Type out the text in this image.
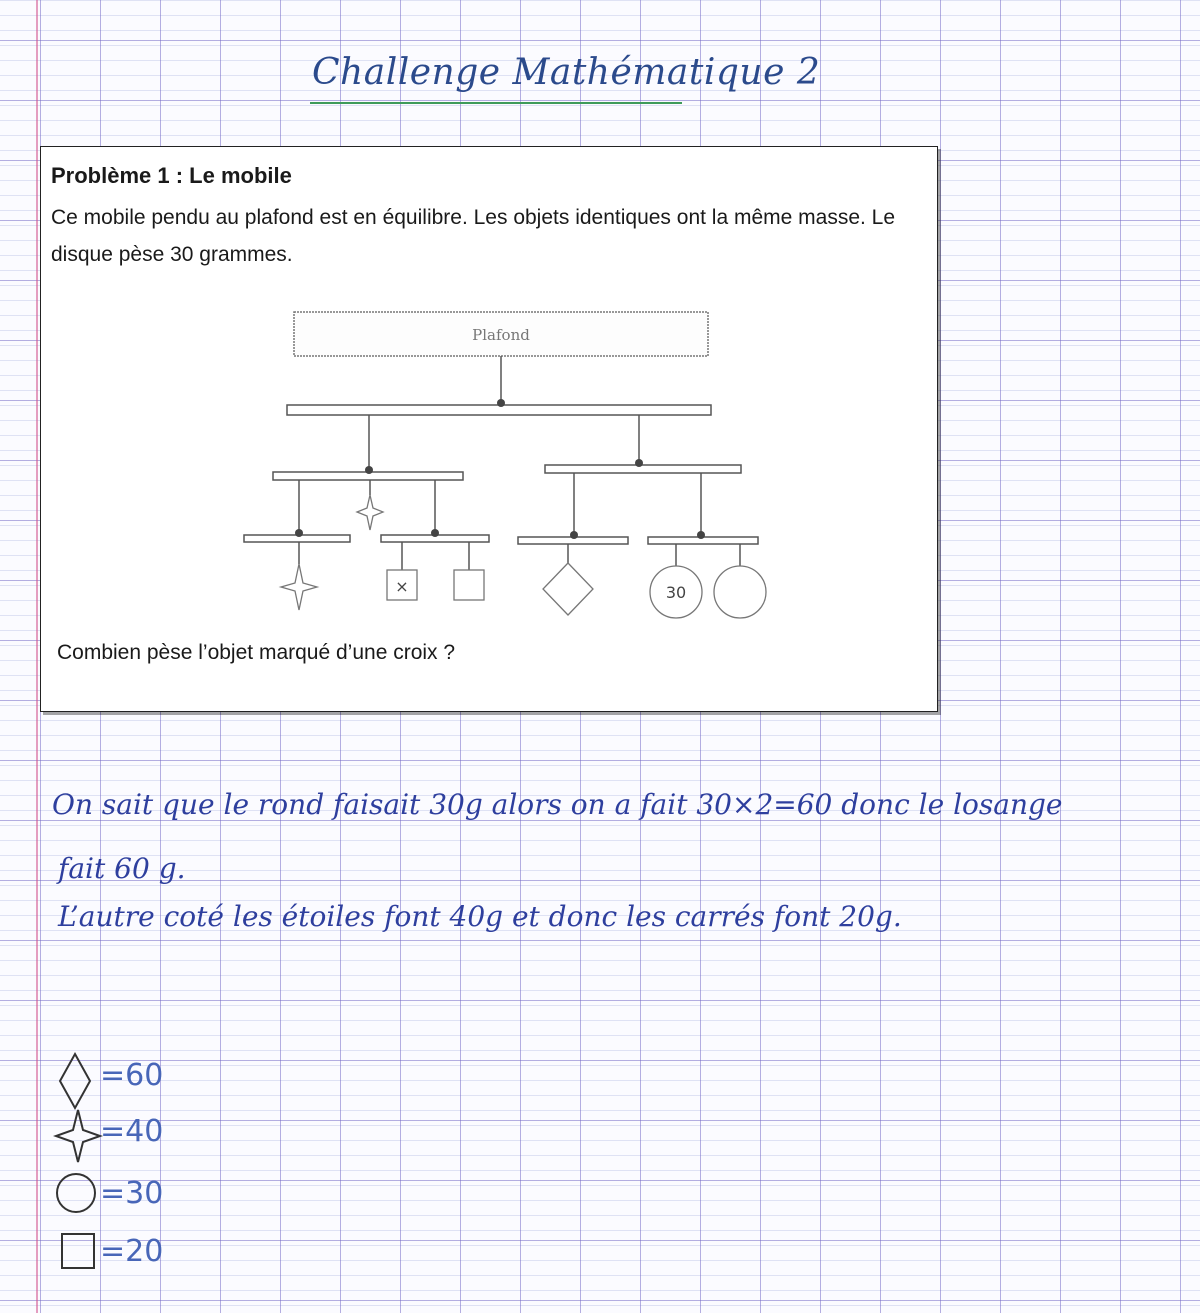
Challenge Mathématique 2
Problème 1 : Le mobile
Ce mobile pendu au plafond est en équilibre. Les objets identiques ont la même masse. Le disque pèse 30 grammes.
Plafond
×	30
Combien pèse l’objet marqué d’une croix ?
On sait que le rond faisait 30g alors on a fait 30×2=60 donc le losange
fait 60 g.
L’autre coté les étoiles font 40g et donc les carrés font 20g.
=60
=40
=30
=20
